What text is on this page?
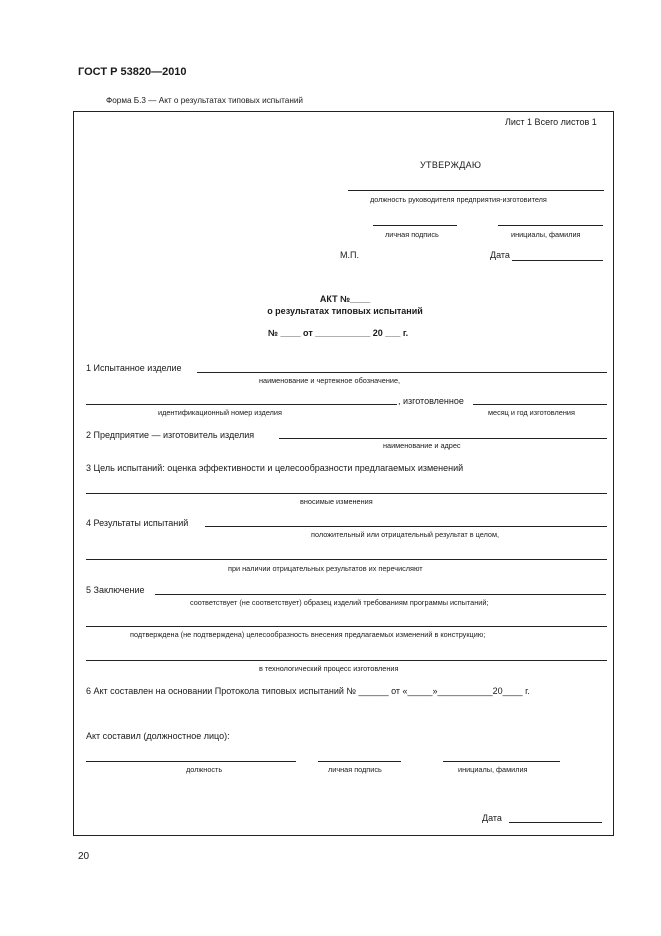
ГОСТ Р 53820—2010
Форма Б.3 — Акт о результатах типовых испытаний
Лист 1 Всего листов 1
УТВЕРЖДАЮ
должность руководителя предприятия-изготовителя
личная подпись	инициалы, фамилия
М.П.	Дата
АКТ №____
о результатах типовых испытаний
№ ____ от ___________ 20 ___ г.
1 Испытанное изделие
наименование и чертежное обозначение,
, изготовленное
идентификационный номер изделия	месяц и год изготовления
2 Предприятие — изготовитель изделия
наименование и адрес
3 Цель испытаний: оценка эффективности и целесообразности предлагаемых изменений
вносимые изменения
4 Результаты испытаний
положительный или отрицательный результат в целом,
при наличии отрицательных результатов их перечисляют
5 Заключение
соответствует (не соответствует) образец изделий требованиям программы испытаний;
подтверждена (не подтверждена) целесообразность внесения предлагаемых изменений в конструкцию;
в технологический процесс изготовления
6 Акт составлен на основании Протокола типовых испытаний № ______ от «_____»___________20____ г.
Акт составил (должностное лицо):
должность	личная подпись	инициалы, фамилия
Дата
20
